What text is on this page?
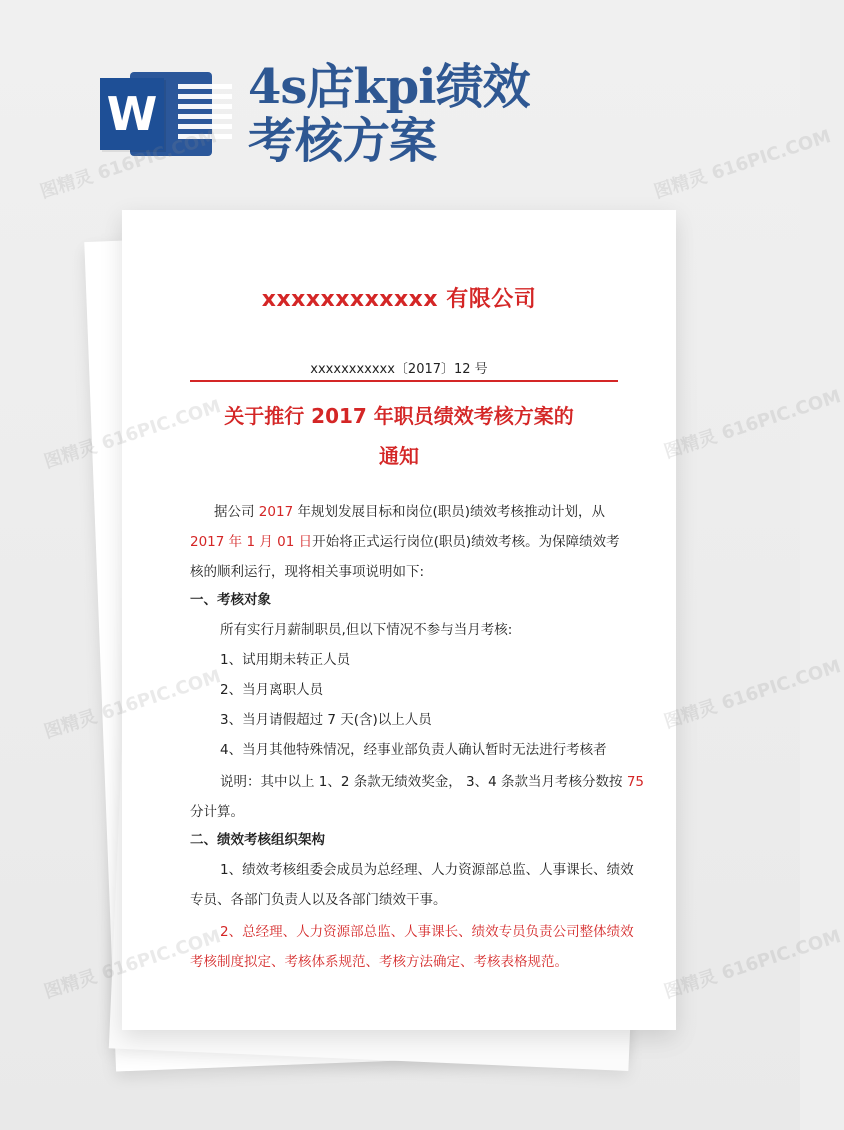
W 4s店kpi绩效
考核方案
xxxxxxxxxxxx 有限公司
xxxxxxxxxxx〔2017〕12 号
关于推行 2017 年职员绩效考核方案的
通知
据公司 2017 年规划发展目标和岗位(职员)绩效考核推动计划，从
2017 年 1 月 01 日开始将正式运行岗位(职员)绩效考核。为保障绩效考
核的顺利运行，现将相关事项说明如下:
一、考核对象
所有实行月薪制职员,但以下情况不参与当月考核:
1、试用期未转正人员
2、当月离职人员
3、当月请假超过 7 天(含)以上人员
4、当月其他特殊情况，经事业部负责人确认暂时无法进行考核者
说明：其中以上 1、2 条款无绩效奖金， 3、4 条款当月考核分数按 75
分计算。
二、绩效考核组织架构
1、绩效考核组委会成员为总经理、人力资源部总监、人事课长、绩效
专员、各部门负责人以及各部门绩效干事。
2、总经理、人力资源部总监、人事课长、绩效专员负责公司整体绩效
考核制度拟定、考核体系规范、考核方法确定、考核表格规范。
图精灵 616PIC.COM	图精灵 616PIC.COM
图精灵	图精灵 616PIC.COM
图精灵	图精灵 616PIC.COM
图精灵	图精灵 616PIC.COM
